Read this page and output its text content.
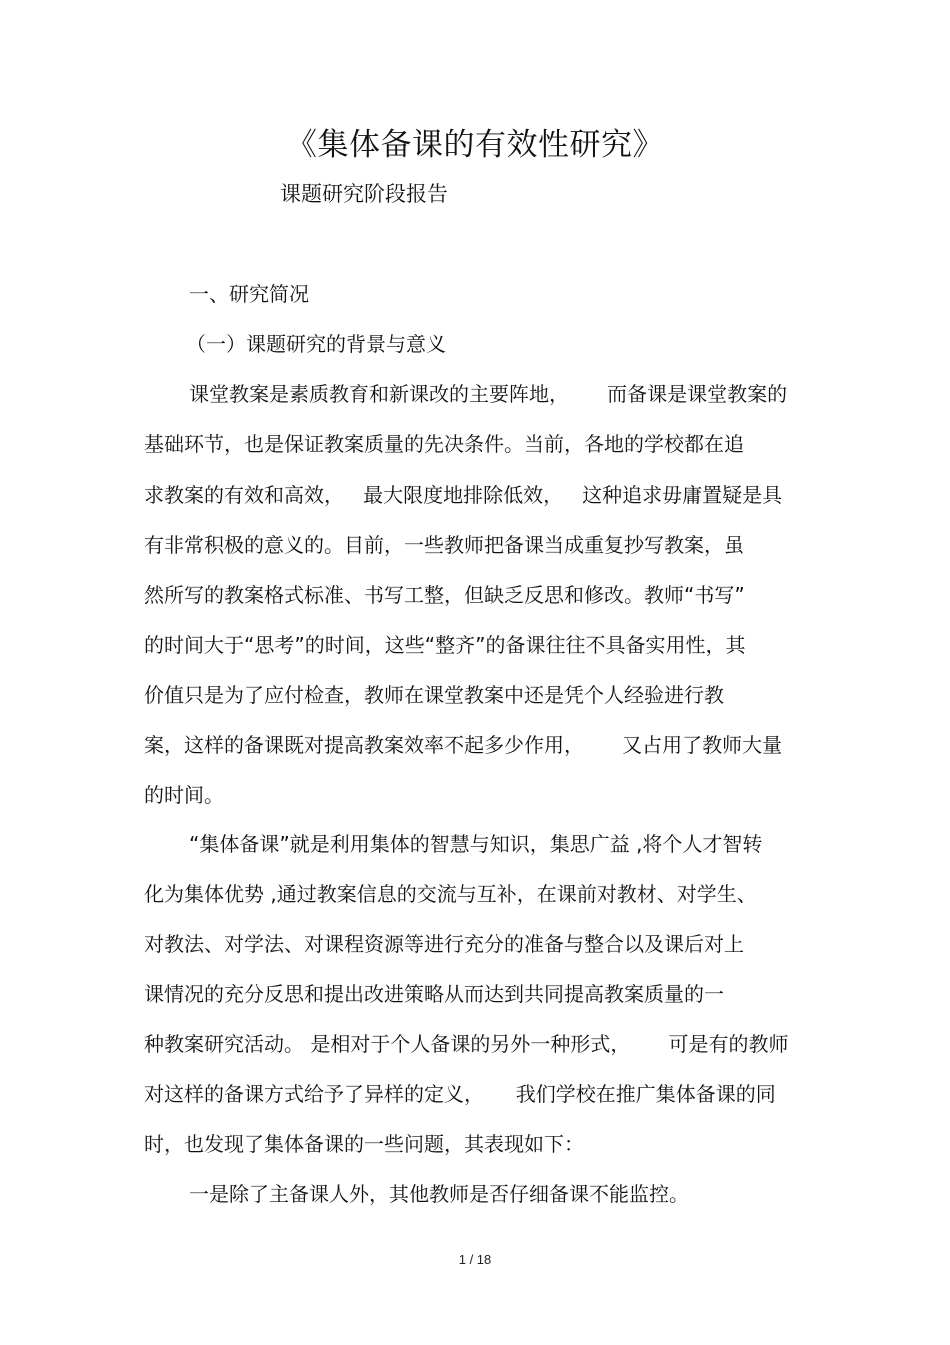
《集体备课的有效性研究》
课题研究阶段报告
一、研究简况
（一）课题研究的背景与意义
课堂教案是素质教育和新课改的主要阵地，      而备课是课堂教案的
基础环节，也是保证教案质量的先决条件。当前，各地的学校都在追
求教案的有效和高效，   最大限度地排除低效，   这种追求毋庸置疑是具
有非常积极的意义的。目前，一些教师把备课当成重复抄写教案，虽
然所写的教案格式标准、书写工整，但缺乏反思和修改。教师“书写”
的时间大于“思考”的时间，这些“整齐”的备课往往不具备实用性，其
价值只是为了应付检查，教师在课堂教案中还是凭个人经验进行教
案，这样的备课既对提高教案效率不起多少作用，      又占用了教师大量
的时间。
“集体备课”就是利用集体的智慧与知识，集思广益 ,将个人才智转
化为集体优势 ,通过教案信息的交流与互补，在课前对教材、对学生、
对教法、对学法、对课程资源等进行充分的准备与整合以及课后对上
课情况的充分反思和提出改进策略从而达到共同提高教案质量的一
种教案研究活动。 是相对于个人备课的另外一种形式，      可是有的教师
对这样的备课方式给予了异样的定义，     我们学校在推广集体备课的同
时，也发现了集体备课的一些问题，其表现如下：
一是除了主备课人外，其他教师是否仔细备课不能监控。
1 / 18
